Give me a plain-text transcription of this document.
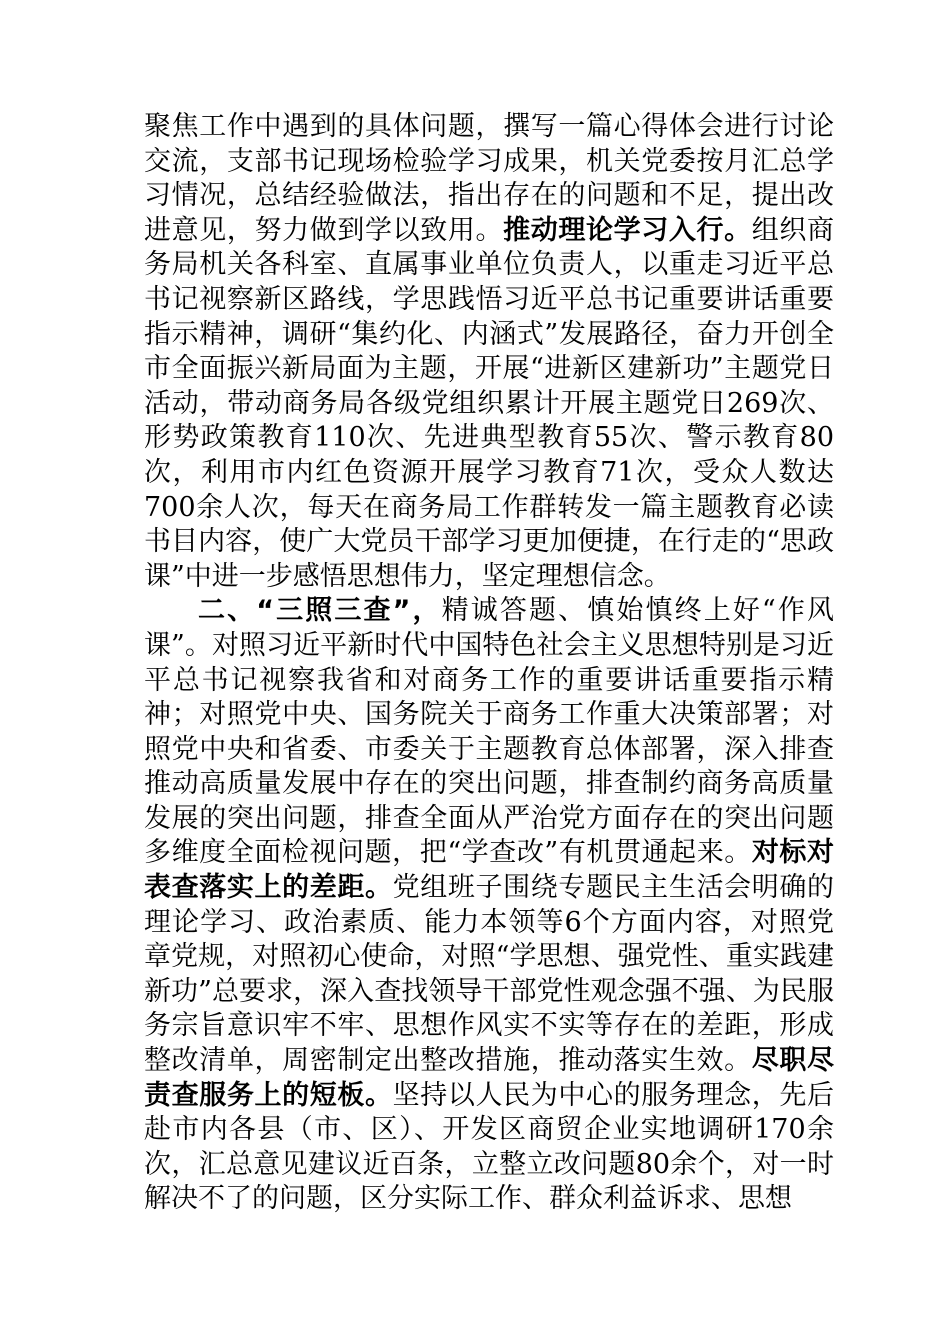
聚焦工作中遇到的具体问题，撰写一篇心得体会进行讨论交流，支部书记现场检验学习成果，机关党委按月汇总学习情况，总结经验做法，指出存在的问题和不足，提出改进意见，努力做到学以致用。推动理论学习入行。组织商务局机关各科室、直属事业单位负责人，以重走习近平总书记视察新区路线，学思践悟习近平总书记重要讲话重要指示精神，调研“集约化、内涵式”发展路径，奋力开创全市全面振兴新局面为主题，开展“进新区建新功”主题党日活动，带动商务局各级党组织累计开展主题党日269次、形势政策教育110次、先进典型教育55次、警示教育80次，利用市内红色资源开展学习教育71次，受众人数达700余人次，每天在商务局工作群转发一篇主题教育必读书目内容，使广大党员干部学习更加便捷，在行走的“思政课”中进一步感悟思想伟力，坚定理想信念。

二、“三照三查”，精诚答题、慎始慎终上好“作风课”。对照习近平新时代中国特色社会主义思想特别是习近平总书记视察我省和对商务工作的重要讲话重要指示精神；对照党中央、国务院关于商务工作重大决策部署；对照党中央和省委、市委关于主题教育总体部署，深入排查推动高质量发展中存在的突出问题，排查制约商务高质量发展的突出问题，排查全面从严治党方面存在的突出问题多维度全面检视问题，把“学查改”有机贯通起来。对标对表查落实上的差距。党组班子围绕专题民主生活会明确的理论学习、政治素质、能力本领等6个方面内容，对照党章党规，对照初心使命，对照“学思想、强党性、重实践建新功”总要求，深入查找领导干部党性观念强不强、为民服务宗旨意识牢不牢、思想作风实不实等存在的差距，形成整改清单，周密制定出整改措施，推动落实生效。尽职尽责查服务上的短板。坚持以人民为中心的服务理念，先后赴市内各县（市、区）、开发区商贸企业实地调研170余次，汇总意见建议近百条，立整立改问题80余个，对一时解决不了的问题，区分实际工作、群众利益诉求、思想
